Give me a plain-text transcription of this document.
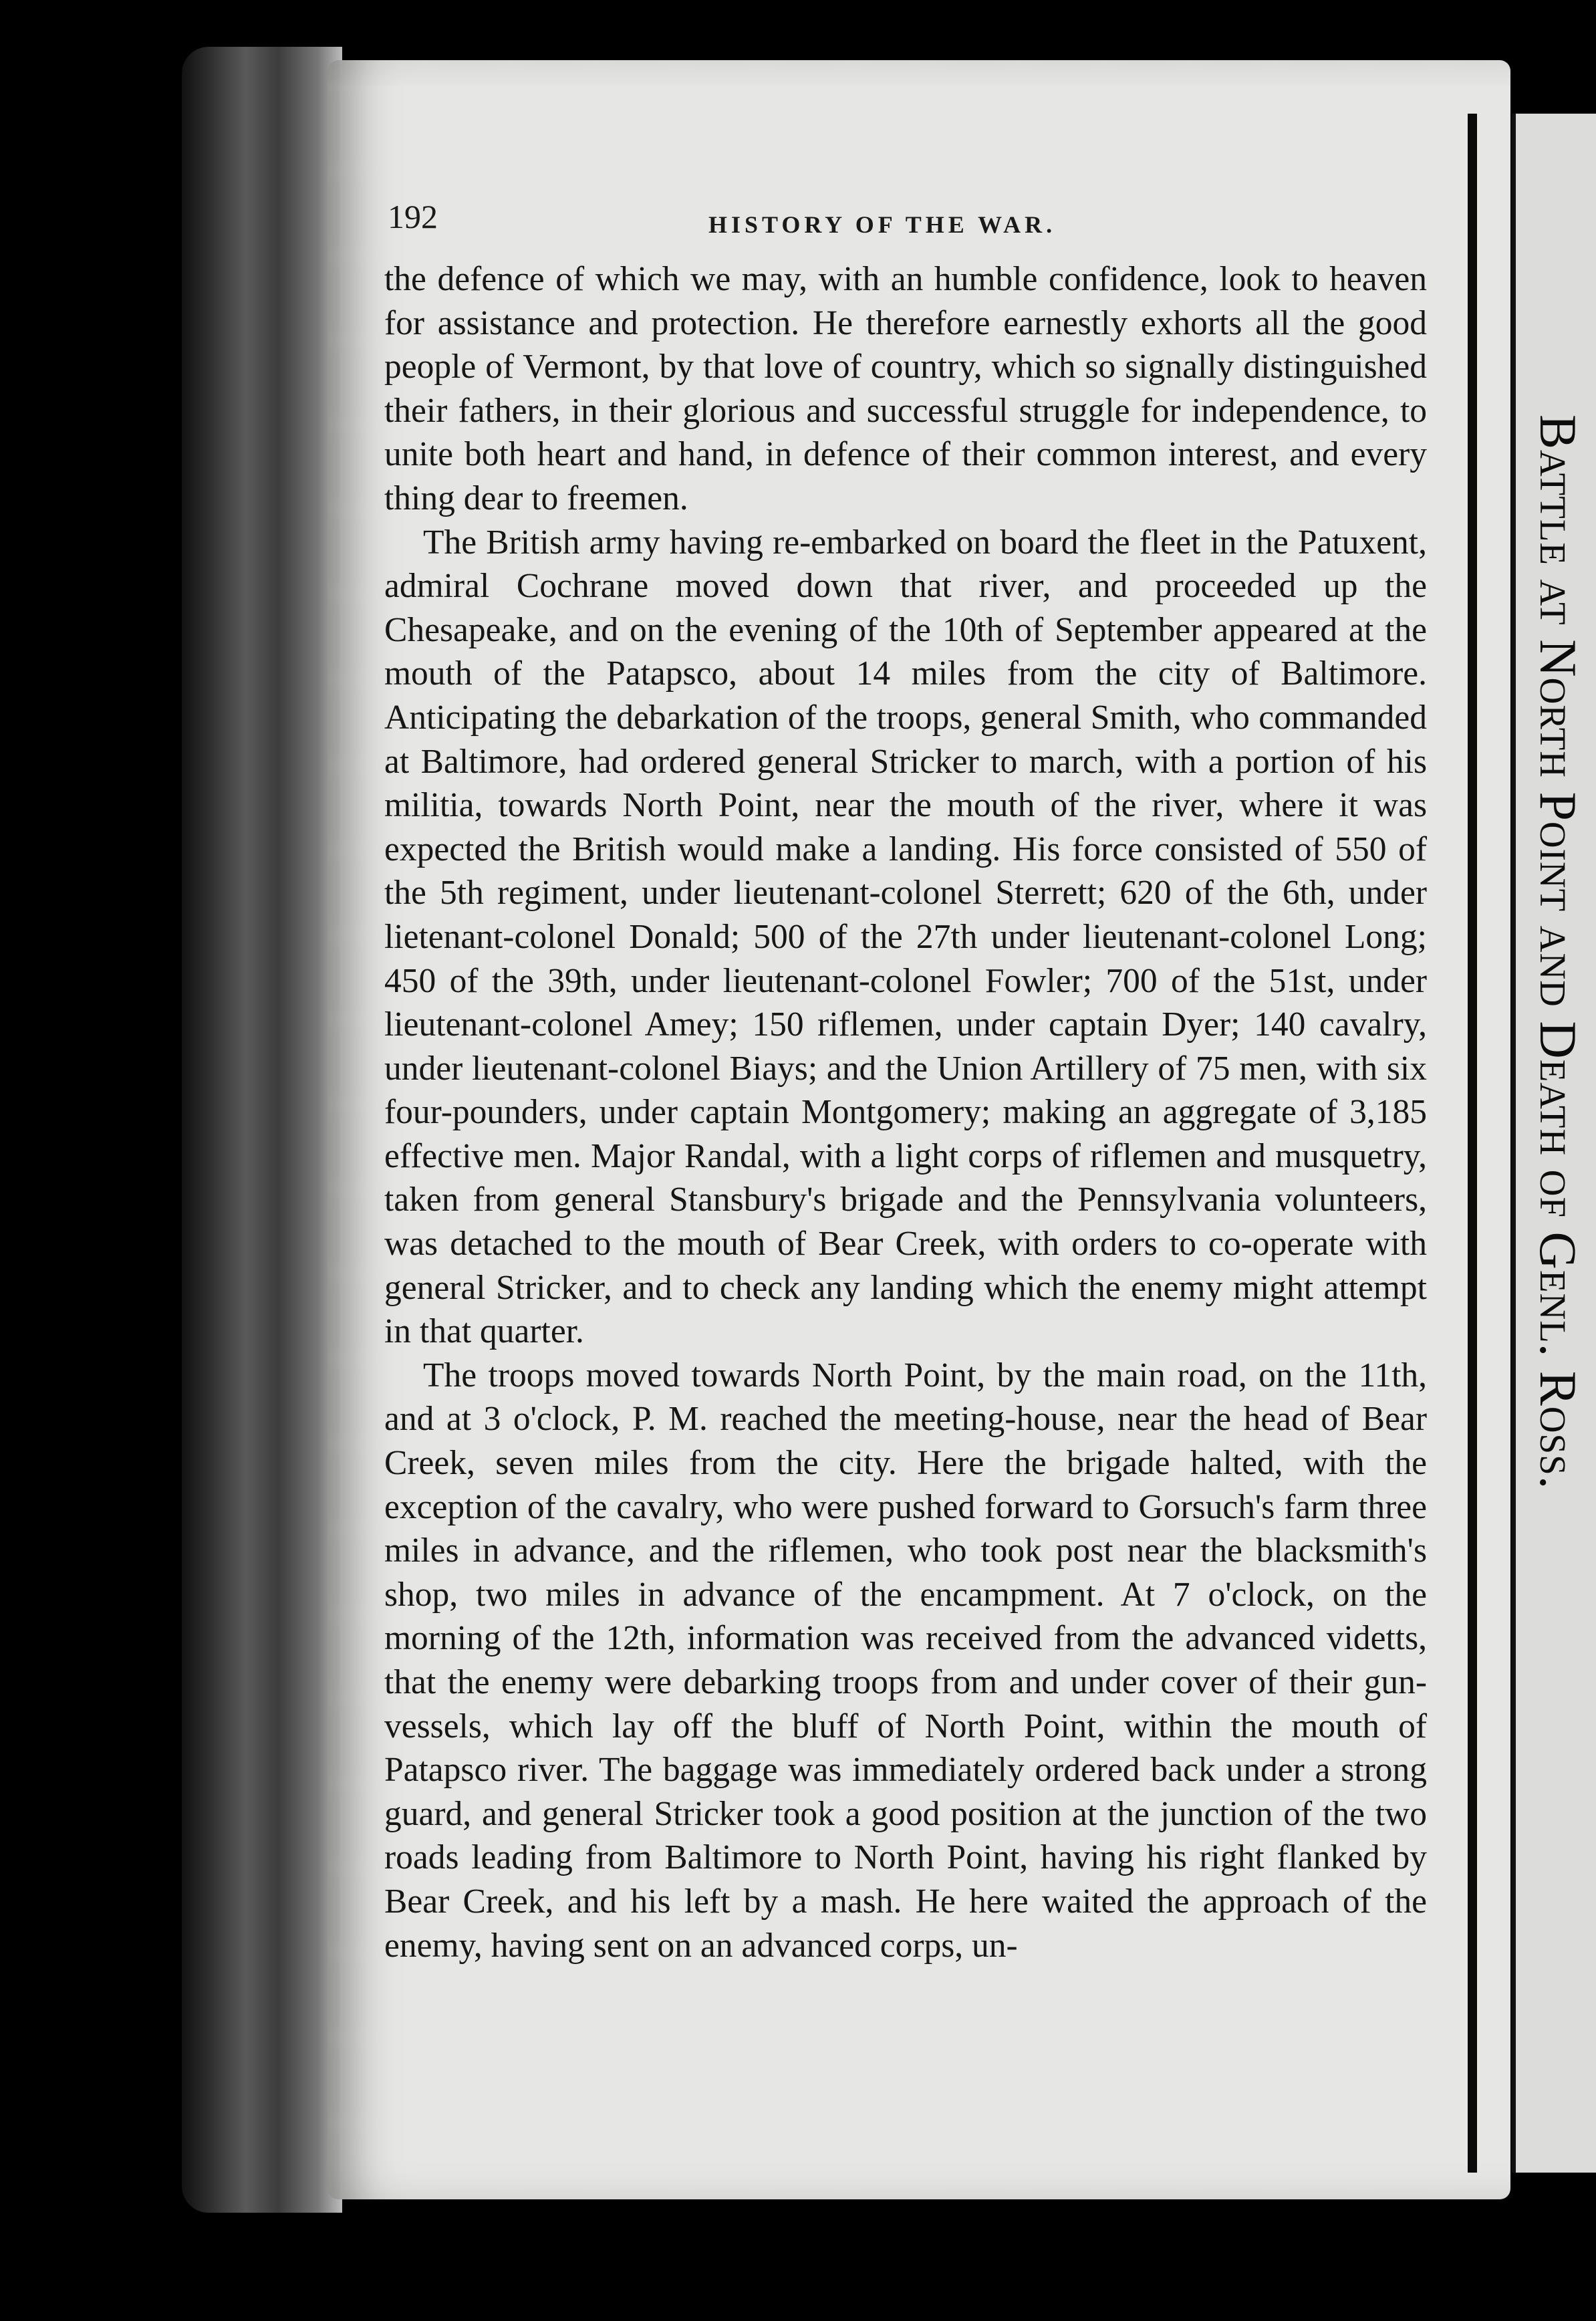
192	HISTORY OF THE WAR.

the defence of which we may, with an humble confidence, look to heaven for assistance and protection. He therefore earnestly exhorts all the good people of Vermont, by that love of country, which so signally distinguished their fathers, in their glorious and successful struggle for independence, to unite both heart and hand, in defence of their common interest, and every thing dear to freemen.

The British army having re-embarked on board the fleet in the Patuxent, admiral Cochrane moved down that river, and proceeded up the Chesapeake, and on the evening of the 10th of September appeared at the mouth of the Patapsco, about 14 miles from the city of Baltimore. Anticipating the debarkation of the troops, general Smith, who commanded at Baltimore, had ordered general Stricker to march, with a portion of his militia, towards North Point, near the mouth of the river, where it was expected the British would make a landing. His force consisted of 550 of the 5th regiment, under lieutenant-colonel Sterrett; 620 of the 6th, under lietenant-colonel Donald; 500 of the 27th under lieutenant-colonel Long; 450 of the 39th, under lieutenant-colonel Fowler; 700 of the 51st, under lieutenant-colonel Amey; 150 riflemen, under captain Dyer; 140 cavalry, under lieutenant-colonel Biays; and the Union Artillery of 75 men, with six four-pounders, under captain Montgomery; making an aggregate of 3,185 effective men. Major Randal, with a light corps of riflemen and musquetry, taken from general Stansbury's brigade and the Pennsylvania volunteers, was detached to the mouth of Bear Creek, with orders to co-operate with general Stricker, and to check any landing which the enemy might attempt in that quarter.

The troops moved towards North Point, by the main road, on the 11th, and at 3 o'clock, P. M. reached the meeting-house, near the head of Bear Creek, seven miles from the city. Here the brigade halted, with the exception of the cavalry, who were pushed forward to Gorsuch's farm three miles in advance, and the riflemen, who took post near the blacksmith's shop, two miles in advance of the encampment. At 7 o'clock, on the morning of the 12th, information was received from the advanced videtts, that the enemy were debarking troops from and under cover of their gun-vessels, which lay off the bluff of North Point, within the mouth of Patapsco river. The baggage was immediately ordered back under a strong guard, and general Stricker took a good position at the junction of the two roads leading from Baltimore to North Point, having his right flanked by Bear Creek, and his left by a mash. He here waited the approach of the enemy, having sent on an advanced corps, un-

Battle at North Point and Death of Genl. Ross.
